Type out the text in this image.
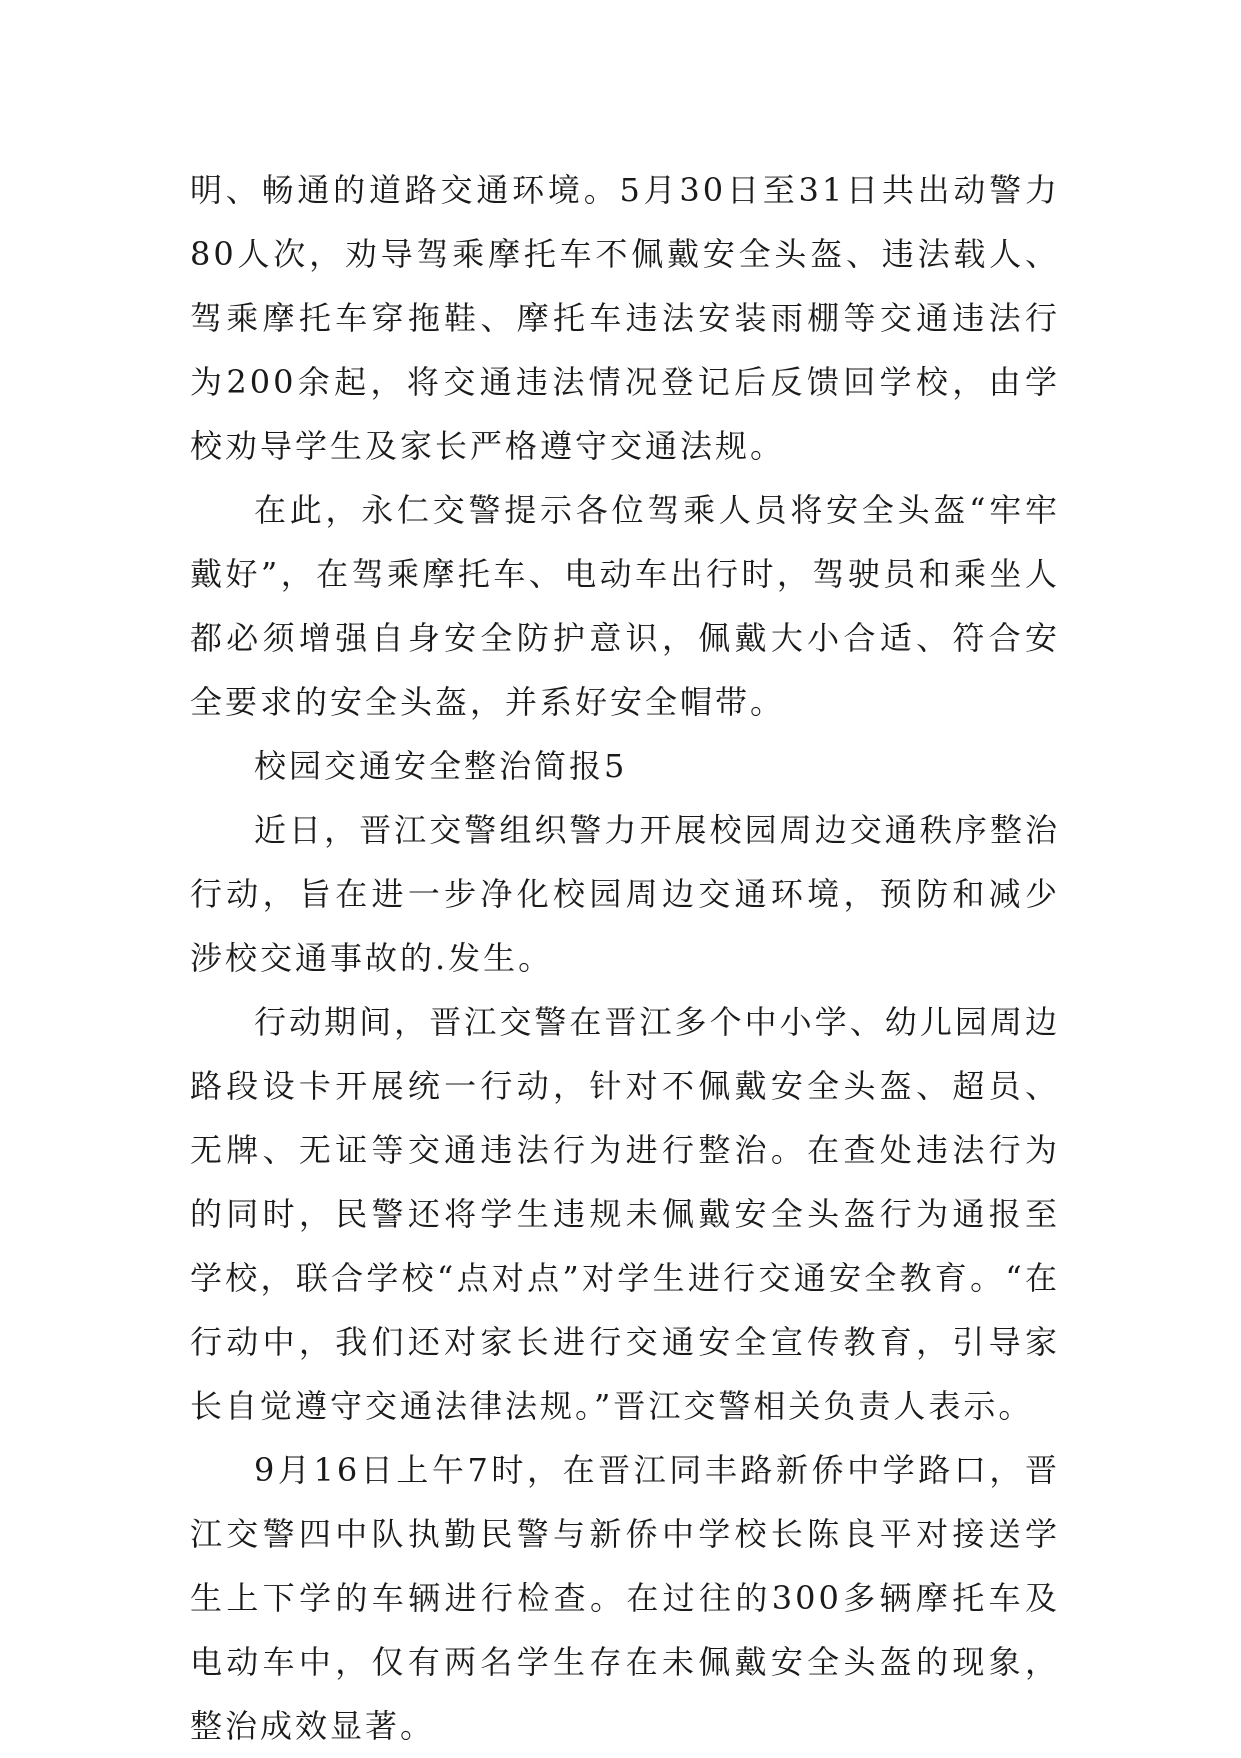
明、畅通的道路交通环境。5月30日至31日共出动警力80人次，劝导驾乘摩托车不佩戴安全头盔、违法载人、驾乘摩托车穿拖鞋、摩托车违法安装雨棚等交通违法行为200余起，将交通违法情况登记后反馈回学校，由学校劝导学生及家长严格遵守交通法规。

在此，永仁交警提示各位驾乘人员将安全头盔“牢牢戴好”，在驾乘摩托车、电动车出行时，驾驶员和乘坐人都必须增强自身安全防护意识，佩戴大小合适、符合安全要求的安全头盔，并系好安全帽带。

校园交通安全整治简报5

近日，晋江交警组织警力开展校园周边交通秩序整治行动，旨在进一步净化校园周边交通环境，预防和减少涉校交通事故的.发生。

行动期间，晋江交警在晋江多个中小学、幼儿园周边路段设卡开展统一行动，针对不佩戴安全头盔、超员、无牌、无证等交通违法行为进行整治。在查处违法行为的同时，民警还将学生违规未佩戴安全头盔行为通报至学校，联合学校“点对点”对学生进行交通安全教育。“在行动中，我们还对家长进行交通安全宣传教育，引导家长自觉遵守交通法律法规。”晋江交警相关负责人表示。

9月16日上午7时，在晋江同丰路新侨中学路口，晋江交警四中队执勤民警与新侨中学校长陈良平对接送学生上下学的车辆进行检查。在过往的300多辆摩托车及电动车中，仅有两名学生存在未佩戴安全头盔的现象，整治成效显著。
